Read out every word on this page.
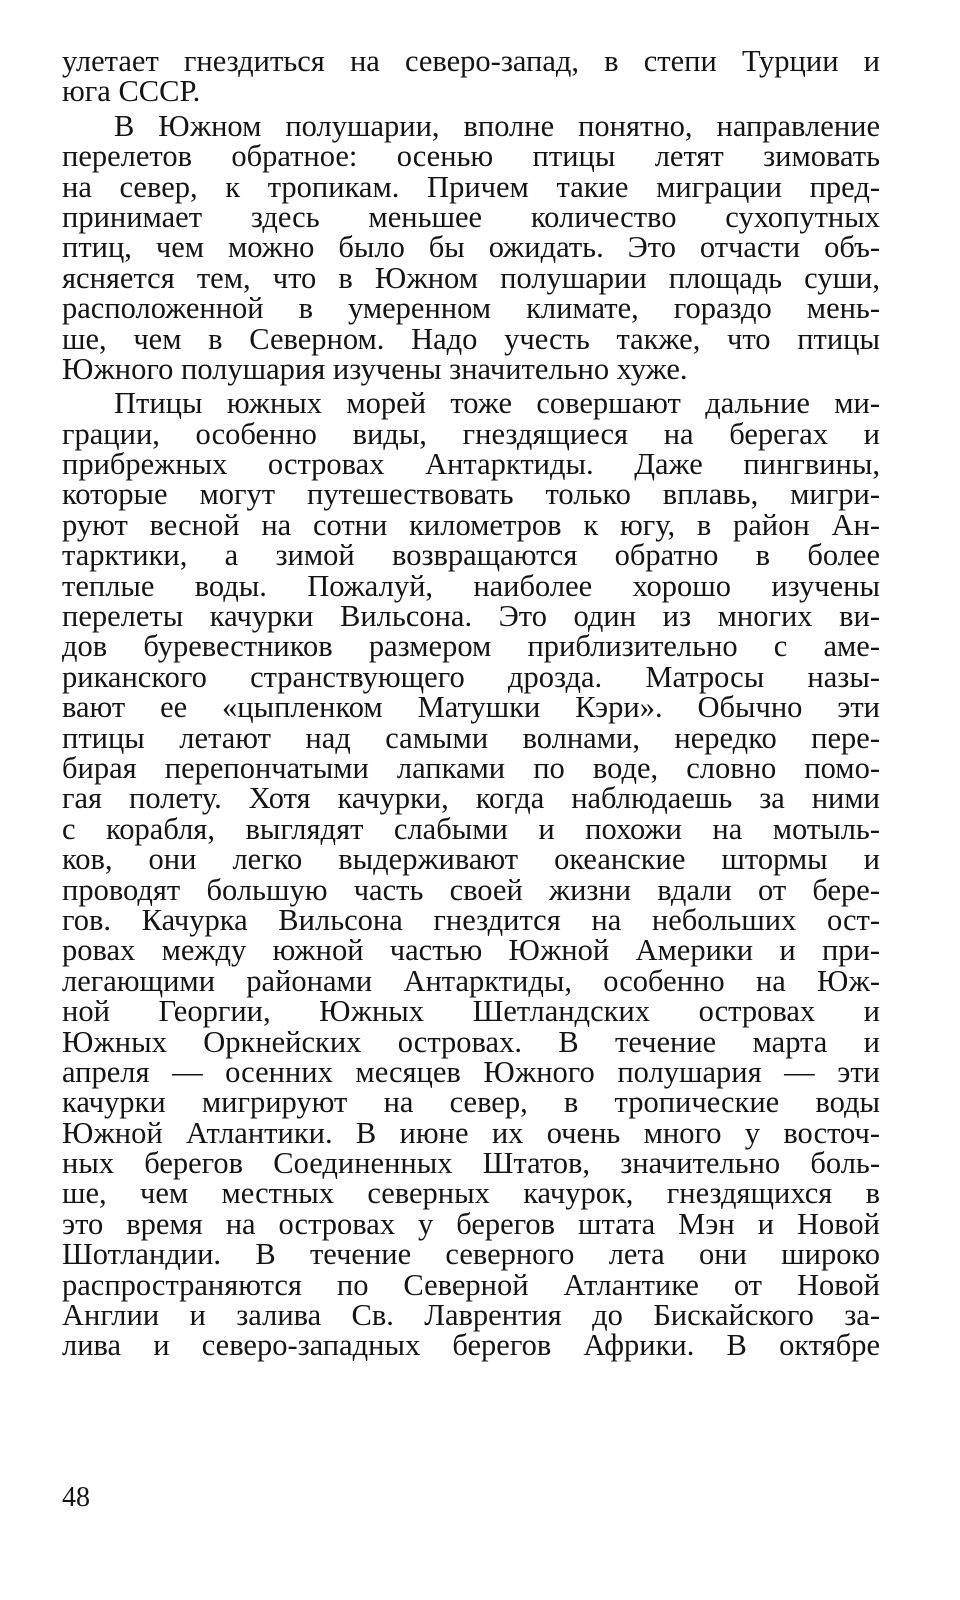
улетает гнездиться на северо-запад, в степи Турции и
юга СССР.
В Южном полушарии, вполне понятно, направление
перелетов обратное: осенью птицы летят зимовать
на север, к тропикам. Причем такие миграции пред-
принимает здесь меньшее количество сухопутных
птиц, чем можно было бы ожидать. Это отчасти объ-
ясняется тем, что в Южном полушарии площадь суши,
расположенной в умеренном климате, гораздо мень-
ше, чем в Северном. Надо учесть также, что птицы
Южного полушария изучены значительно хуже.
Птицы южных морей тоже совершают дальние ми-
грации, особенно виды, гнездящиеся на берегах и
прибрежных островах Антарктиды. Даже пингвины,
которые могут путешествовать только вплавь, мигри-
руют весной на сотни километров к югу, в район Ан-
тарктики, а зимой возвращаются обратно в более
теплые воды. Пожалуй, наиболее хорошо изучены
перелеты качурки Вильсона. Это один из многих ви-
дов буревестников размером приблизительно с аме-
риканского странствующего дрозда. Матросы назы-
вают ее «цыпленком Матушки Кэри». Обычно эти
птицы летают над самыми волнами, нередко пере-
бирая перепончатыми лапками по воде, словно помо-
гая полету. Хотя качурки, когда наблюдаешь за ними
с корабля, выглядят слабыми и похожи на мотыль-
ков, они легко выдерживают океанские штормы и
проводят большую часть своей жизни вдали от бере-
гов. Качурка Вильсона гнездится на небольших ост-
ровах между южной частью Южной Америки и при-
легающими районами Антарктиды, особенно на Юж-
ной Георгии, Южных Шетландских островах и
Южных Оркнейских островах. В течение марта и
апреля — осенних месяцев Южного полушария — эти
качурки мигрируют на север, в тропические воды
Южной Атлантики. В июне их очень много у восточ-
ных берегов Соединенных Штатов, значительно боль-
ше, чем местных северных качурок, гнездящихся в
это время на островах у берегов штата Мэн и Новой
Шотландии. В течение северного лета они широко
распространяются по Северной Атлантике от Новой
Англии и залива Св. Лаврентия до Бискайского за-
лива и северо-западных берегов Африки. В октябре
48
